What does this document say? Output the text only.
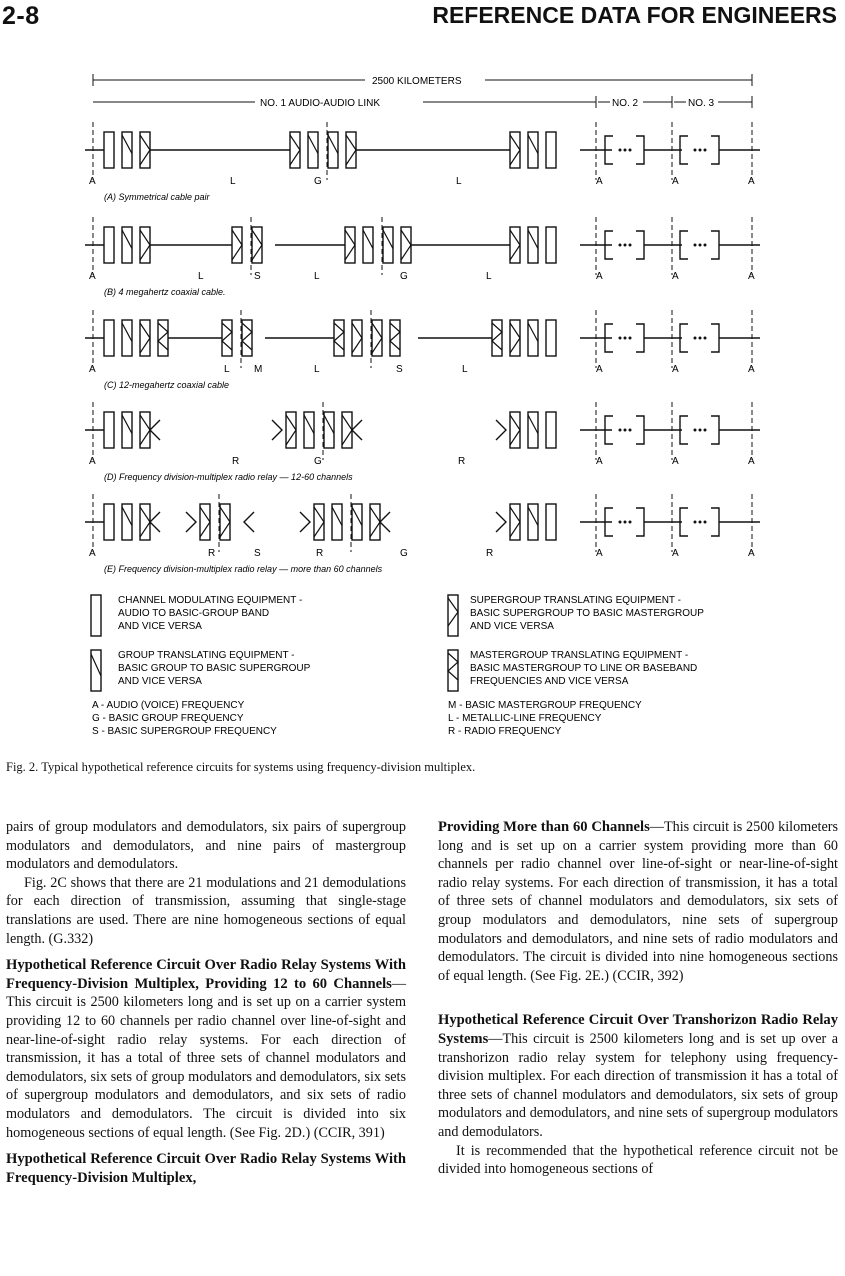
2-8	REFERENCE DATA FOR ENGINEERS
2500 KILOMETERS
NO. 1 AUDIO-AUDIO LINK	NO. 2	NO. 3
A	L	G	L	A	A	A
(A) Symmetrical cable pair
A	L	S	L	G	L	A	A	A
(B) 4 megahertz coaxial cable.
A	L M	L	S	L	A	A	A
(C) 12-megahertz coaxial cable
A	R	G	R	A	A	A
(D) Frequency division-multiplex radio relay — 12-60 channels
A	R	S	R	G	R	A	A	A
(E) Frequency division-multiplex radio relay — more than 60 channels
CHANNEL MODULATING EQUIPMENT -
AUDIO TO BASIC-GROUP BAND
AND VICE VERSA
SUPERGROUP TRANSLATING EQUIPMENT -
BASIC SUPERGROUP TO BASIC MASTERGROUP
AND VICE VERSA
GROUP TRANSLATING EQUIPMENT -
BASIC GROUP TO BASIC SUPERGROUP
AND VICE VERSA
MASTERGROUP TRANSLATING EQUIPMENT -
BASIC MASTERGROUP TO LINE OR BASEBAND
FREQUENCIES AND VICE VERSA
A - AUDIO (VOICE) FREQUENCY
G - BASIC GROUP FREQUENCY
S - BASIC SUPERGROUP FREQUENCY
M - BASIC MASTERGROUP FREQUENCY
L - METALLIC-LINE FREQUENCY
R - RADIO FREQUENCY
Fig. 2. Typical hypothetical reference circuits for systems using frequency-division multiplex.

pairs of group modulators and demodulators, six pairs of supergroup modulators and demodulators, and nine pairs of mastergroup modulators and demodulators.

Fig. 2C shows that there are 21 modulations and 21 demodulations for each direction of transmission, assuming that single-stage translations are used. There are nine homogeneous sections of equal length. (G.332)

Hypothetical Reference Circuit Over Radio Relay Systems With Frequency-Division Multiplex, Providing 12 to 60 Channels—This circuit is 2500 kilometers long and is set up on a carrier system providing 12 to 60 channels per radio channel over line-of-sight and near-line-of-sight radio relay systems. For each direction of transmission, it has a total of three sets of channel modulators and demodulators, six sets of group modulators and demodulators, six sets of supergroup modulators and demodulators, and six sets of radio modulators and demodulators. The circuit is divided into six homogeneous sections of equal length. (See Fig. 2D.) (CCIR, 391)

Hypothetical Reference Circuit Over Radio Relay Systems With Frequency-Division Multiplex,

Providing More than 60 Channels—This circuit is 2500 kilometers long and is set up on a carrier system providing more than 60 channels per radio channel over line-of-sight or near-line-of-sight radio relay systems. For each direction of transmission, it has a total of three sets of channel modulators and demodulators, six sets of group modulators and demodulators, nine sets of supergroup modulators and demodulators, and nine sets of radio modulators and demodulators. The circuit is divided into nine homogeneous sections of equal length. (See Fig. 2E.) (CCIR, 392)

Hypothetical Reference Circuit Over Transhorizon Radio Relay Systems—This circuit is 2500 kilometers long and is set up over a transhorizon radio relay system for telephony using frequency-division multiplex. For each direction of transmission it has a total of three sets of channel modulators and demodulators, six sets of group modulators and demodulators, and nine sets of supergroup modulators and demodulators.

It is recommended that the hypothetical reference circuit not be divided into homogeneous sections of
